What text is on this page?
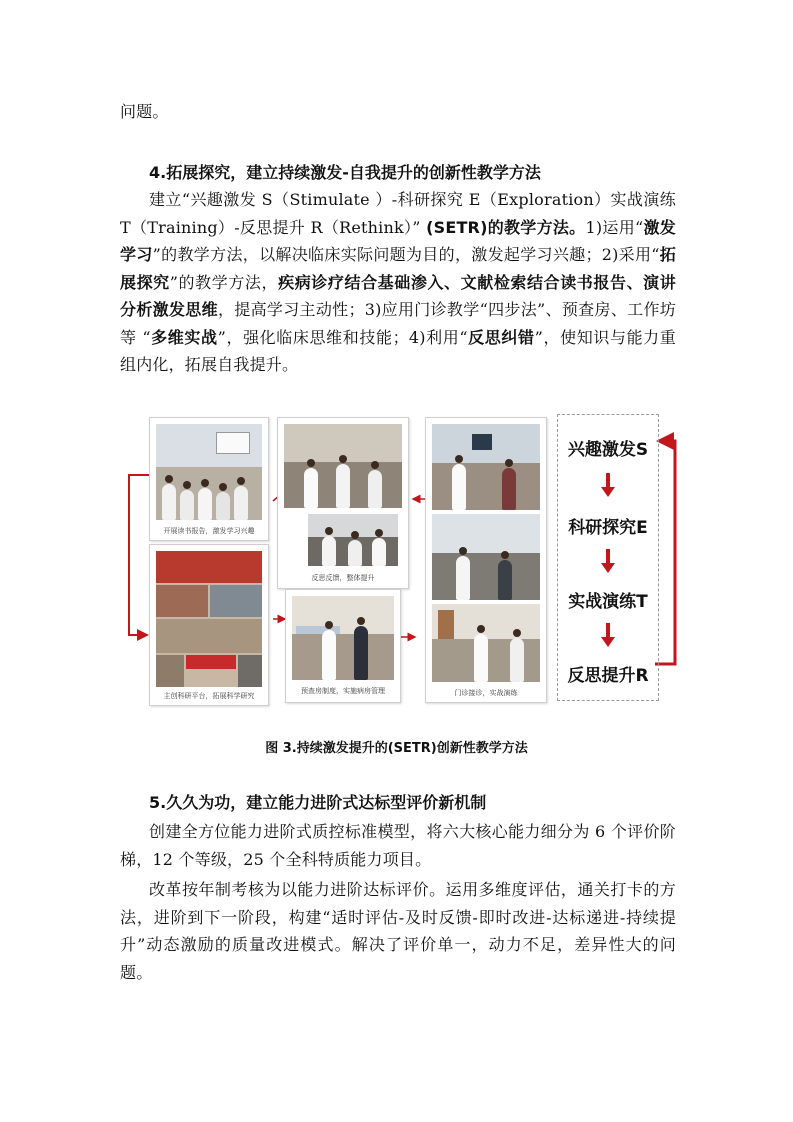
问题。

4.拓展探究，建立持续激发-自我提升的创新性教学方法

建立“兴趣激发 S（Stimulate ）-科研探究 E（Exploration）实战演练 T（Training）-反思提升 R（Rethink）” (SETR)的教学方法。1)运用“激发学习”的教学方法，以解决临床实际问题为目的，激发起学习兴趣；2)采用“拓展探究”的教学方法，疾病诊疗结合基础渗入、文献检索结合读书报告、演讲分析激发思维，提高学习主动性；3)应用门诊教学“四步法”、预查房、工作坊等 “多维实战”，强化临床思维和技能；4)利用“反思纠错”，使知识与能力重组内化，拓展自我提升。

开展读书报告，激发学习兴趣
反思反馈，整体提升
主创科研平台，拓展科学研究
预查房制度，实施病房管理	门诊接诊，实战演练
兴趣激发S
科研探究E
实战演练T
反思提升R

图 3.持续激发提升的(SETR)创新性教学方法

5.久久为功，建立能力进阶式达标型评价新机制

创建全方位能力进阶式质控标准模型，将六大核心能力细分为 6 个评价阶梯，12 个等级，25 个全科特质能力项目。

改革按年制考核为以能力进阶达标评价。运用多维度评估，通关打卡的方法，进阶到下一阶段，构建“适时评估-及时反馈-即时改进-达标递进-持续提升”动态激励的质量改进模式。解决了评价单一，动力不足，差异性大的问题。
